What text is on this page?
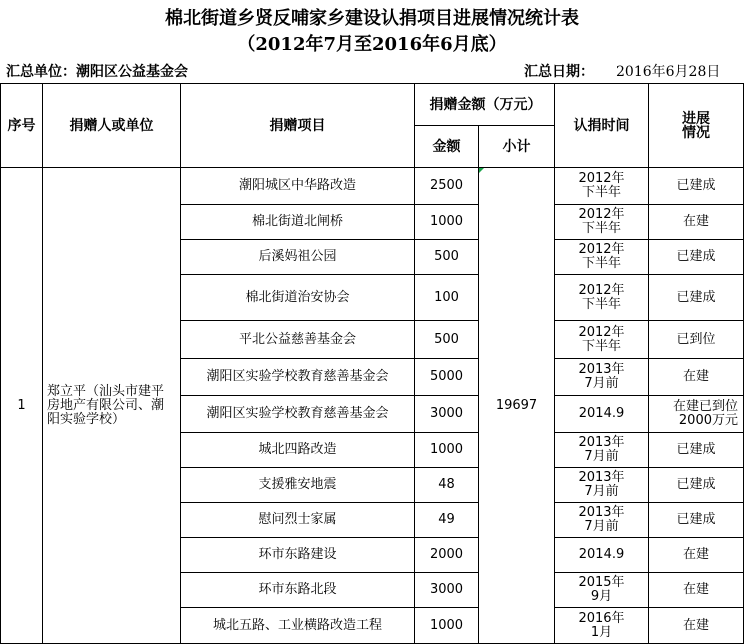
棉北街道乡贤反哺家乡建设认捐项目进展情况统计表
（2012年7月至2016年6月底）
汇总单位：潮阳区公益基金会	汇总日期： 2016年6月28日
序号	捐赠人或单位	捐赠项目	捐赠金额（万元）		认捐时间	进展情况
			金额	小计		
1	郑立平（汕头市建平房地产有限公司、潮阳实验学校）	潮阳城区中华路改造	2500	19697	2012年下半年	已建成
		棉北街道北闸桥	1000		2012年下半年	在建
		后溪妈祖公园	500		2012年下半年	已建成
		棉北街道治安协会	100		2012年下半年	已建成
		平北公益慈善基金会	500		2012年下半年	已到位
		潮阳区实验学校教育慈善基金会	5000		2013年7月前	在建
		潮阳区实验学校教育慈善基金会	3000		2014.9	在建已到位2000万元
		城北四路改造	1000		2013年7月前	已建成
		支援雅安地震	48		2013年7月前	已建成
		慰问烈士家属	49		2013年7月前	已建成
		环市东路建设	2000		2014.9	在建
		环市东路北段	3000		2015年9月	在建
		城北五路、工业横路改造工程	1000		2016年1月	在建
